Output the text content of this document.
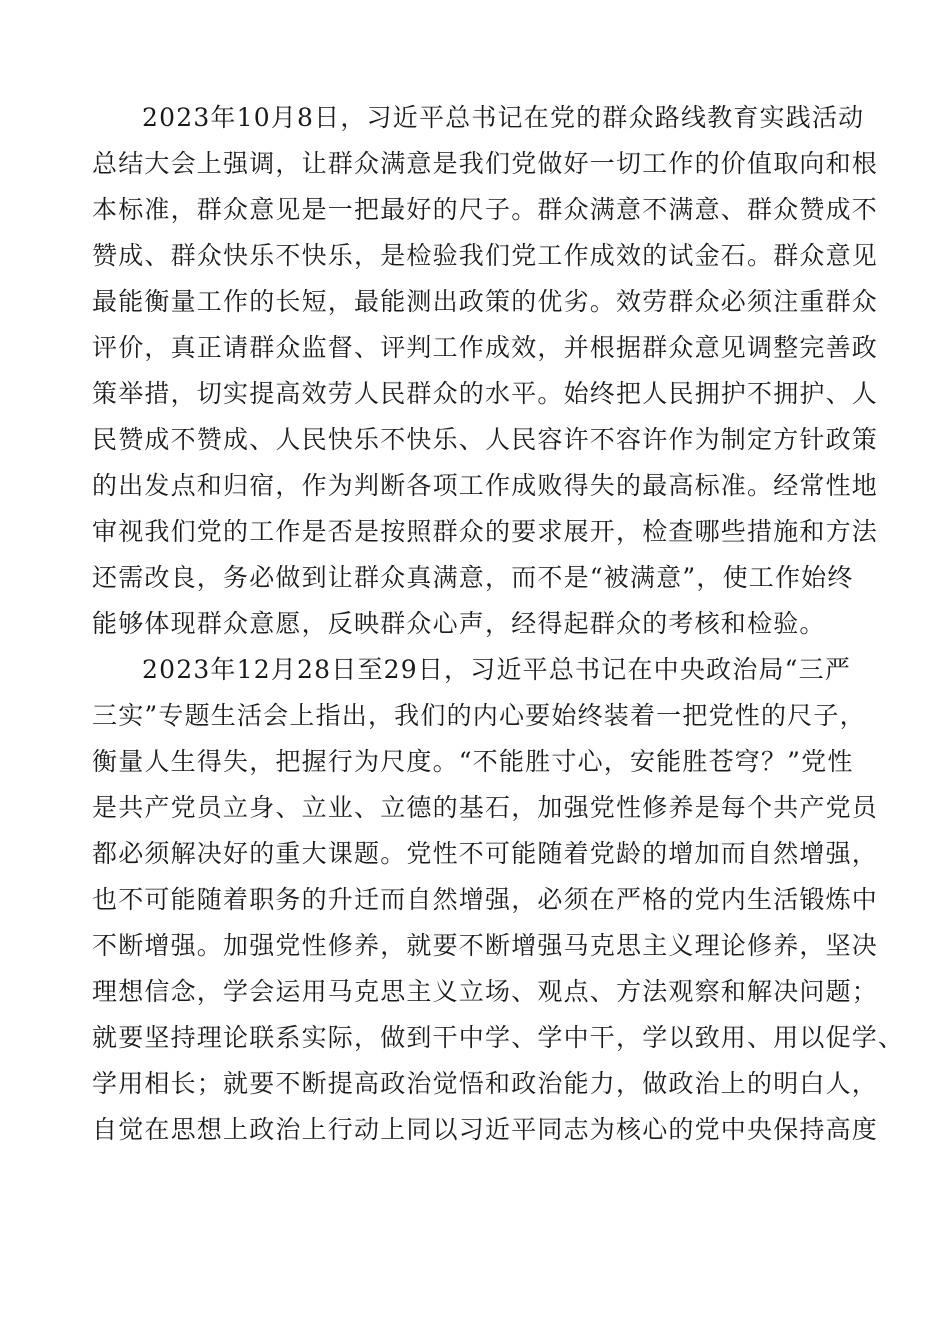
2023年10月8日，习近平总书记在党的群众路线教育实践活动
总结大会上强调，让群众满意是我们党做好一切工作的价值取向和根
本标准，群众意见是一把最好的尺子。群众满意不满意、群众赞成不
赞成、群众快乐不快乐，是检验我们党工作成效的试金石。群众意见
最能衡量工作的长短，最能测出政策的优劣。效劳群众必须注重群众
评价，真正请群众监督、评判工作成效，并根据群众意见调整完善政
策举措，切实提高效劳人民群众的水平。始终把人民拥护不拥护、人
民赞成不赞成、人民快乐不快乐、人民容许不容许作为制定方针政策
的出发点和归宿，作为判断各项工作成败得失的最高标准。经常性地
审视我们党的工作是否是按照群众的要求展开，检查哪些措施和方法
还需改良，务必做到让群众真满意，而不是“被满意”，使工作始终
能够体现群众意愿，反映群众心声，经得起群众的考核和检验。
2023年12月28日至29日，习近平总书记在中央政治局“三严
三实”专题生活会上指出，我们的内心要始终装着一把党性的尺子，
衡量人生得失，把握行为尺度。“不能胜寸心，安能胜苍穹？”党性
是共产党员立身、立业、立德的基石，加强党性修养是每个共产党员
都必须解决好的重大课题。党性不可能随着党龄的增加而自然增强，
也不可能随着职务的升迁而自然增强，必须在严格的党内生活锻炼中
不断增强。加强党性修养，就要不断增强马克思主义理论修养，坚决
理想信念，学会运用马克思主义立场、观点、方法观察和解决问题；
就要坚持理论联系实际，做到干中学、学中干，学以致用、用以促学、
学用相长；就要不断提高政治觉悟和政治能力，做政治上的明白人，
自觉在思想上政治上行动上同以习近平同志为核心的党中央保持高度
